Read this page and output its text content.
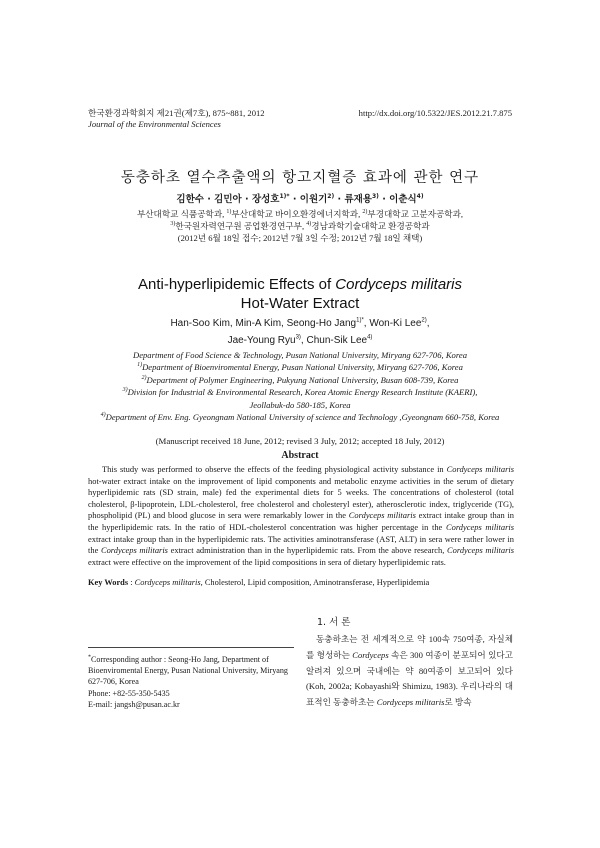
한국환경과학회지 제21권(제7호), 875~881, 2012
Journal of the Environmental Sciences
http://dx.doi.org/10.5322/JES.2012.21.7.875
동충하초 열수추출액의 항고지혈증 효과에 관한 연구
김한수 · 김민아 · 장성호$^{1)*}$ · 이원기$^{2)}$ · 류재용$^{3)}$ · 이춘식$^{4)}$
부산대학교 식품공학과, $^{1)}$부산대학교 바이오환경에너지학과, $^{2)}$부경대학교 고분자공학과,
$^{3)}$한국원자력연구원 공업환경연구부, $^{4)}$경남과학기술대학교 환경공학과
(2012년 6월 18일 접수; 2012년 7월 3일 수정; 2012년 7월 18일 채택)
Anti-hyperlipidemic Effects of Cordyceps militaris
Hot-Water Extract
Han-Soo Kim, Min-A Kim, Seong-Ho Jang$^{1)*}$, Won-Ki Lee$^{2)}$,
Jae-Young Ryu$^{3)}$, Chun-Sik Lee$^{4)}$
Department of Food Science & Technology, Pusan National University, Miryang 627-706, Korea
$^{1)}$Department of Bioenviromental Energy, Pusan National University, Miryang 627-706, Korea
$^{2)}$Department of Polymer Engineering, Pukyung National University, Busan 608-739, Korea
$^{3)}$Division for Industrial & Environmental Research, Korea Atomic Energy Research Institute (KAERI),
Jeollabuk-do 580-185, Korea
$^{4)}$Department of Env. Eng. Gyeongnam National University of science and Technology ,Gyeongnam 660-758, Korea
(Manuscript received 18 June, 2012; revised 3 July, 2012; accepted 18 July, 2012)
Abstract

This study was performed to observe the effects of the feeding physiological activity substance in Cordyceps militaris hot-water extract intake on the improvement of lipid components and metabolic enzyme activities in the serum of dietary hyperlipidemic rats (SD strain, male) fed the experimental diets for 5 weeks. The concentrations of cholesterol (total cholesterol, β-lipoprotein, LDL-cholesterol, free cholesterol and cholesteryl ester), atherosclerotic index, triglyceride (TG), phospholipid (PL) and blood glucose in sera were remarkably lower in the Cordyceps militaris extract intake group than in the hyperlipidemic rats. In the ratio of HDL-cholesterol concentration was higher percentage in the Cordyceps militaris extract intake group than in the hyperlipidemic rats. The activities aminotransferase (AST, ALT) in sera were rather lower in the Cordyceps militaris extract administration than in the hyperlipidemic rats. From the above research, Cordyceps militaris extract were effective on the improvement of the lipid compositions in sera of dietary hyperlipidemic rats.

Key Words : Cordyceps militaris, Cholesterol, Lipid composition, Aminotransferase, Hyperlipidemia
1. 서 론

동충하초는 전 세계적으로 약 100속 750여종, 자실체를 형성하는 Cordyceps 속은 300 여종이 분포되어 있다고 알려져 있으며 국내에는 약 80여종이 보고되어 있다(Koh, 2002a; Kobayashi와 Shimizu, 1983). 우리나라의 대표적인 동충하초는 Cordyceps militaris로 방속

*Corresponding author : Seong-Ho Jang, Department of Bioenviromental Energy, Pusan National University, Miryang 627-706, Korea

Phone: +82-55-350-5435

E-mail: jangsh@pusan.ac.kr
